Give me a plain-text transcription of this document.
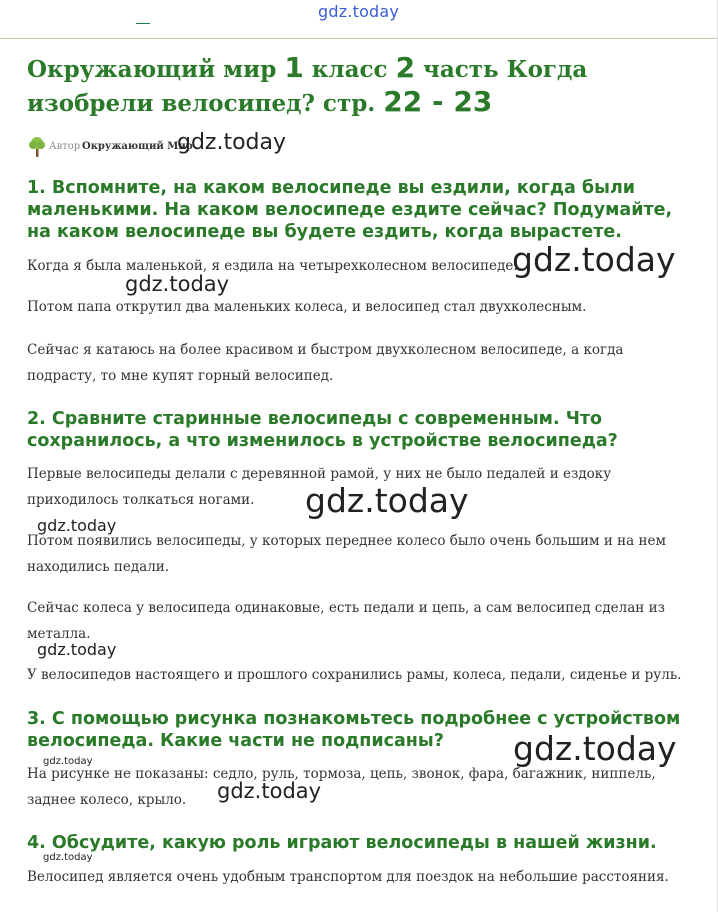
gdz.today
Окружающий мир 1 класс 2 часть Когда изобрели велосипед? стр. 22 - 23
Автор Окружающий Мир
gdz.today
1. Вспомните, на каком велосипеде вы ездили, когда были маленькими. На каком велосипеде ездите сейчас? Подумайте, на каком велосипеде вы будете ездить, когда вырастете.

Когда я была маленькой, я ездила на четырехколесном велосипеде.

Потом папа открутил два маленьких колеса, и велосипед стал двухколесным.

Сейчас я катаюсь на более красивом и быстром двухколесном велосипеде, а когда подрасту, то мне купят горный велосипед.

2. Сравните старинные велосипеды с современным. Что сохранилось, а что изменилось в устройстве велосипеда?

Первые велосипеды делали с деревянной рамой, у них не было педалей и ездоку приходилось толкаться ногами.

Потом появились велосипеды, у которых переднее колесо было очень большим и на нем находились педали.

Сейчас колеса у велосипеда одинаковые, есть педали и цепь, а сам велосипед сделан из металла.

У велосипедов настоящего и прошлого сохранились рамы, колеса, педали, сиденье и руль.

3. С помощью рисунка познакомьтесь подробнее с устройством велосипеда. Какие части не подписаны?

На рисунке не показаны: седло, руль, тормоза, цепь, звонок, фара, багажник, ниппель, заднее колесо, крыло.

4. Обсудите, какую роль играют велосипеды в нашей жизни.

Велосипед является очень удобным транспортом для поездок на небольшие расстояния.

gdz.today
gdz.today
gdz.today
gdz.today
gdz.today
gdz.today
gdz.today
gdz.today
gdz.today
